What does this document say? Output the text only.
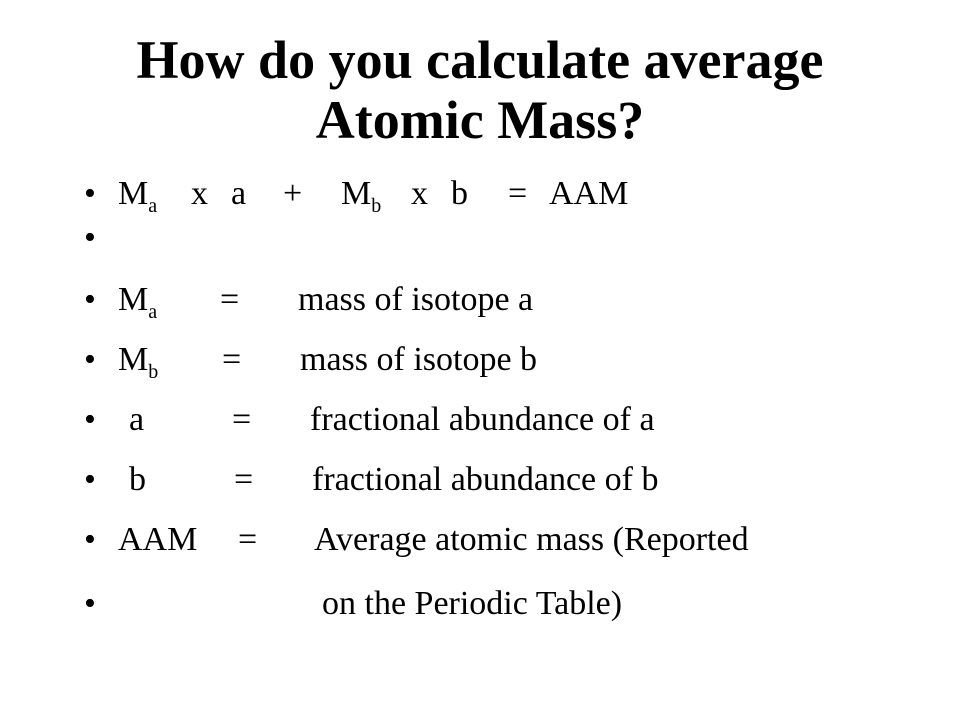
How do you calculate average
Atomic Mass?
• $M_a$ x $a + M_b$ x b = AAM
•
• $M_a$ = mass of isotope a
• $M_b$ = mass of isotope b
• a	= fractional abundance of a
• b	= fractional abundance of b
• AAM = Average atomic mass (Reported
•	on the Periodic Table)
